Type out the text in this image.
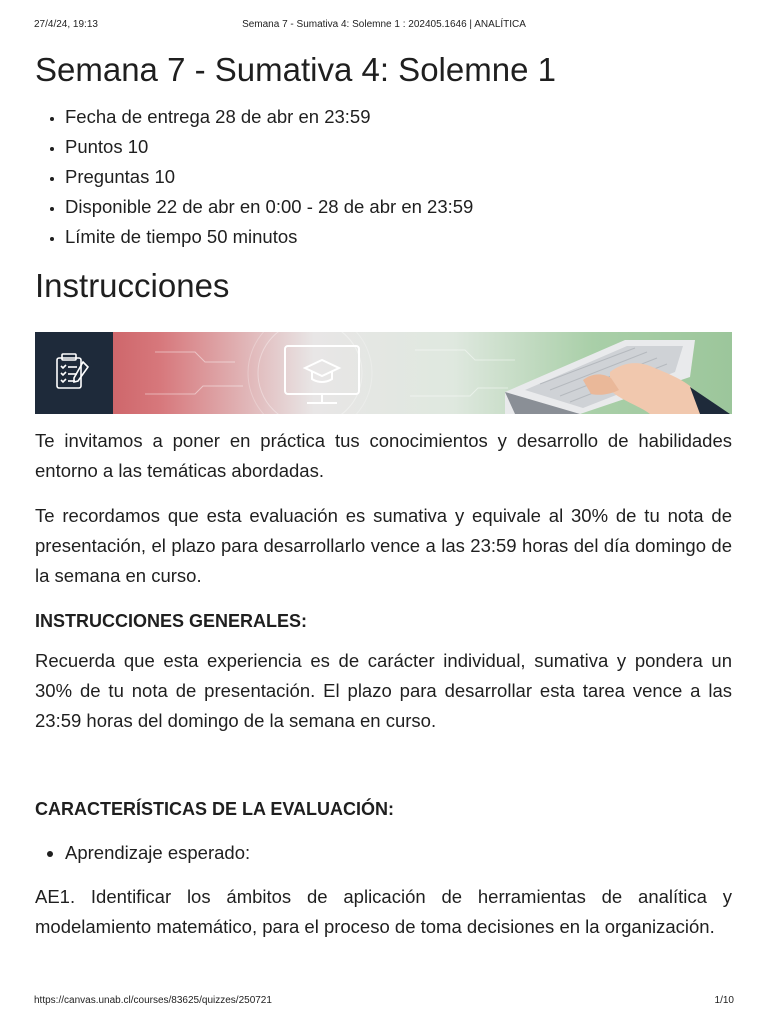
27/4/24, 19:13	Semana 7 - Sumativa 4: Solemne 1 : 202405.1646 | ANALÍTICA
Semana 7 - Sumativa 4: Solemne 1
• Fecha de entrega 28 de abr en 23:59
• Puntos 10
• Preguntas 10
• Disponible 22 de abr en 0:00 - 28 de abr en 23:59
• Límite de tiempo 50 minutos
Instrucciones

Te invitamos a poner en práctica tus conocimientos y desarrollo de habilidades entorno a las temáticas abordadas.

Te recordamos que esta evaluación es sumativa y equivale al 30% de tu nota de presentación, el plazo para desarrollarlo vence a las 23:59 horas del día domingo de la semana en curso.

INSTRUCCIONES GENERALES:

Recuerda que esta experiencia es de carácter individual, sumativa y pondera un 30% de tu nota de presentación. El plazo para desarrollar esta tarea vence a las 23:59 horas del domingo de la semana en curso.

CARACTERÍSTICAS DE LA EVALUACIÓN:
• Aprendizaje esperado:

AE1. Identificar los ámbitos de aplicación de herramientas de analítica y modelamiento matemático, para el proceso de toma decisiones en la organización.

https://canvas.unab.cl/courses/83625/quizzes/250721	1/10
